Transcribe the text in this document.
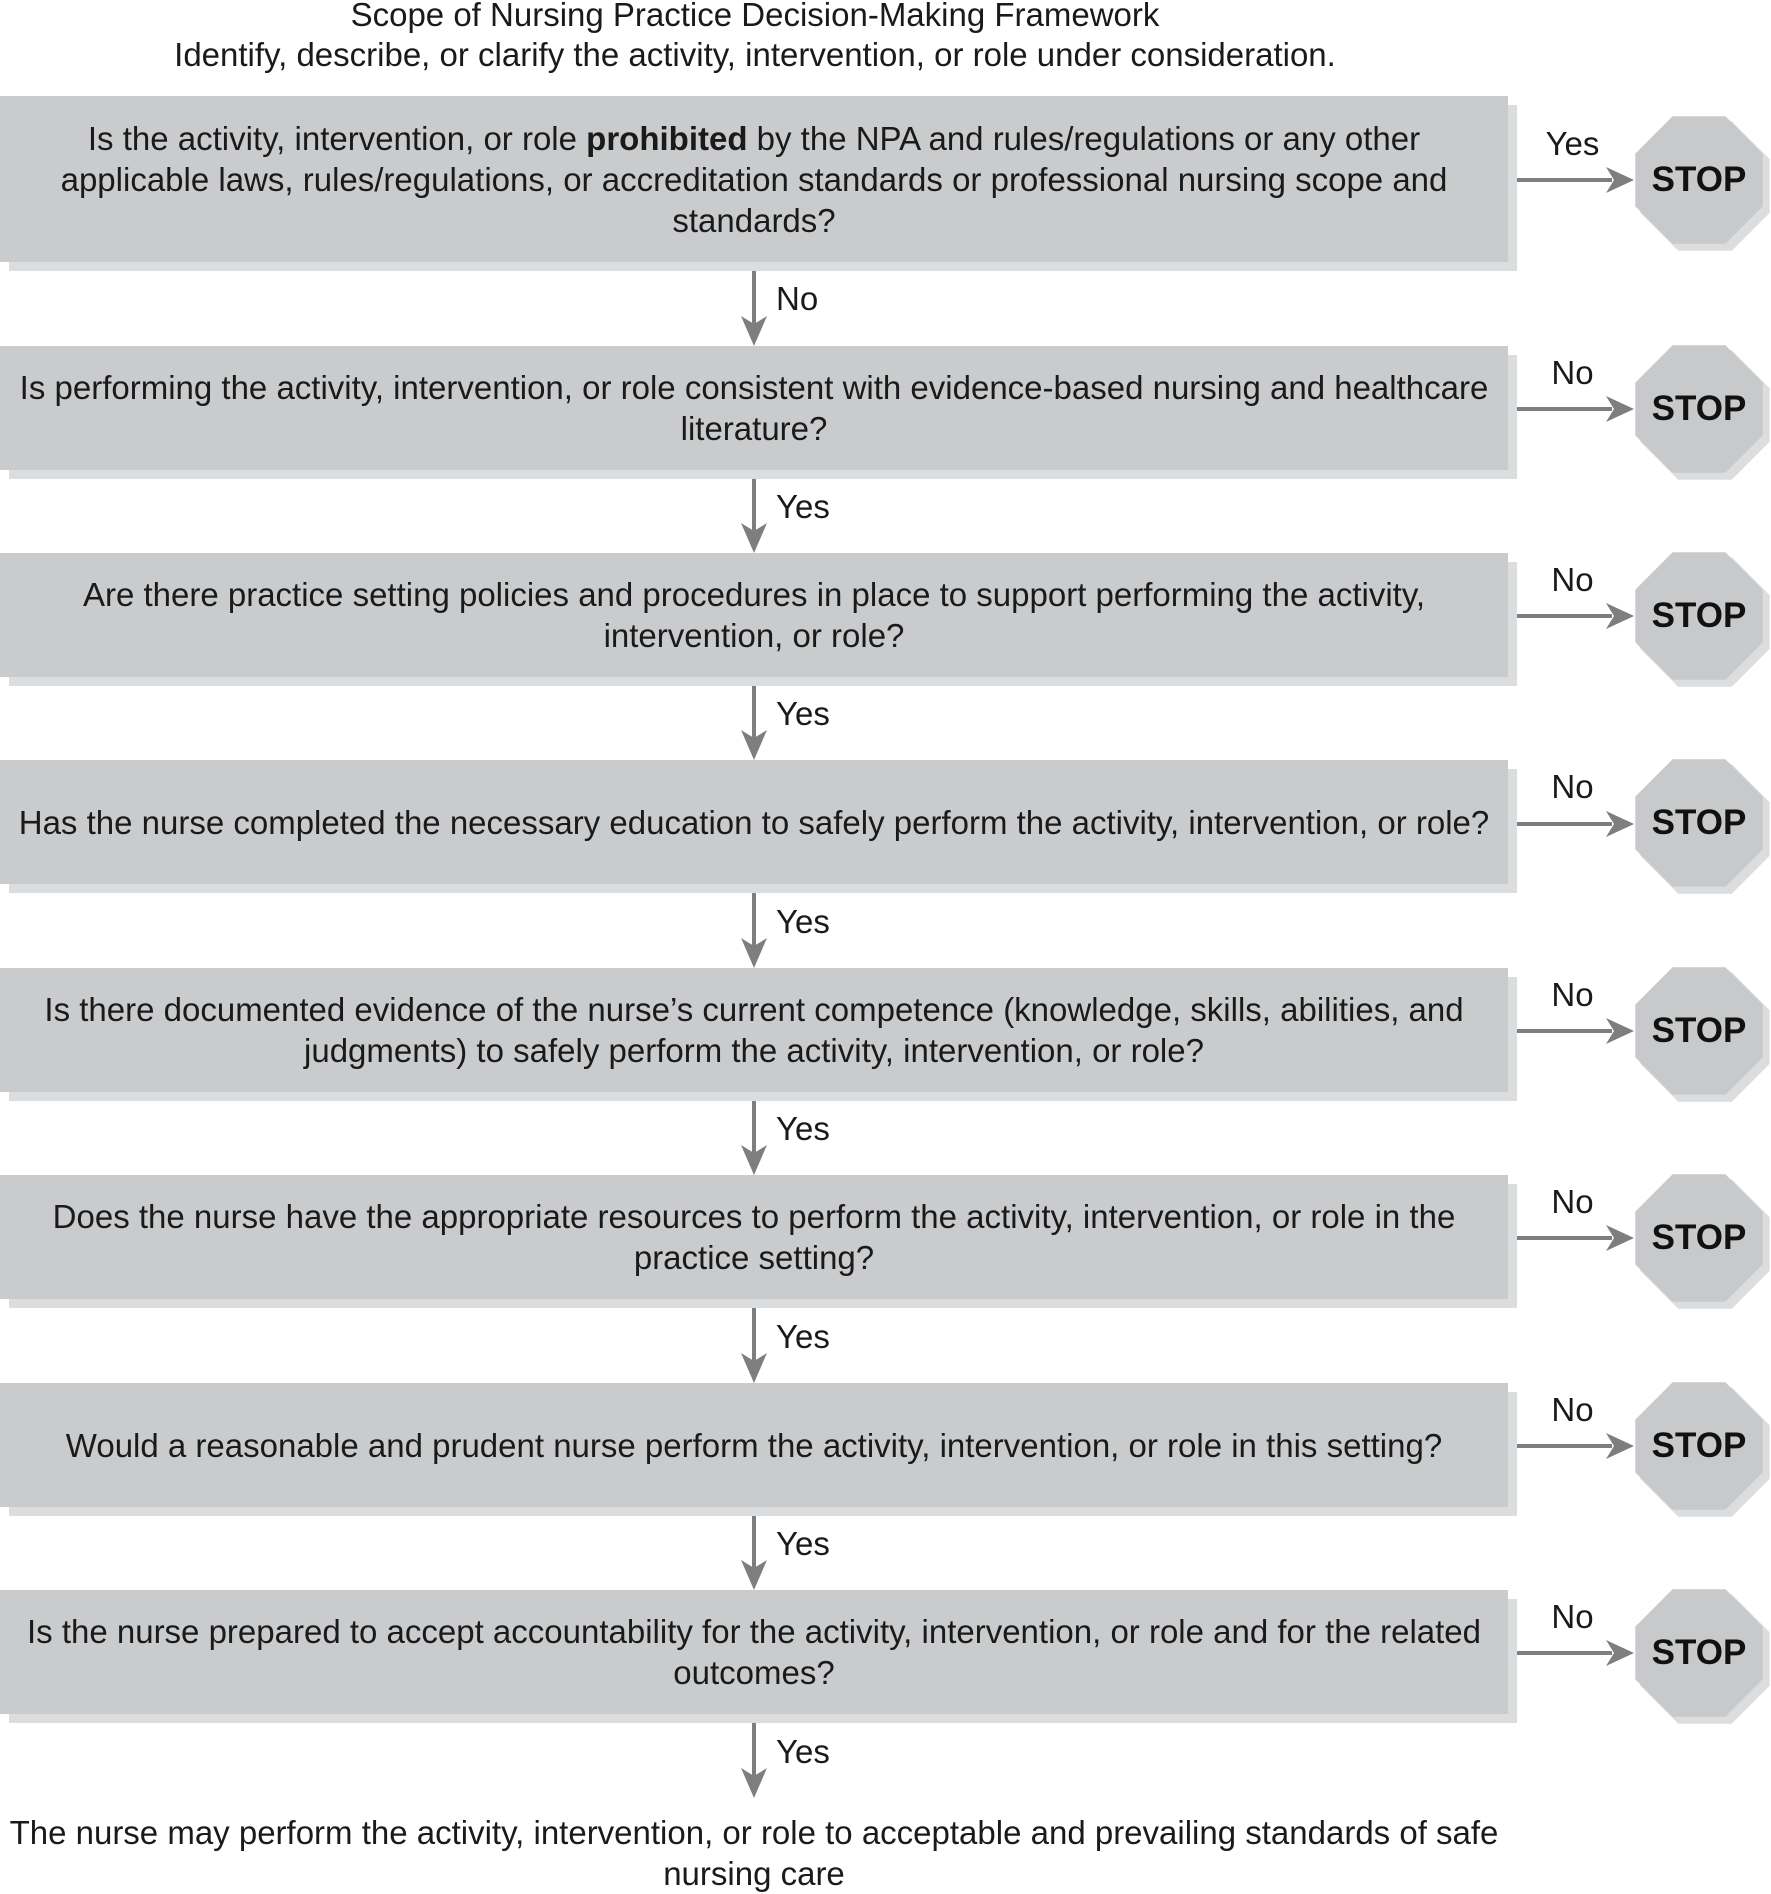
Scope of Nursing Practice Decision-Making Framework
Identify, describe, or clarify the activity, intervention, or role under consideration.
Is the activity, intervention, or role prohibited by the NPA and rules/regulations or any other applicable laws, rules/regulations, or accreditation standards or professional nursing scope and standards?
Is performing the activity, intervention, or role consistent with evidence-based nursing and healthcare literature?
Are there practice setting policies and procedures in place to support performing the activity, intervention, or role?
Has the nurse completed the necessary education to safely perform the activity, intervention, or role?
Is there documented evidence of the nurse’s current competence (knowledge, skills, abilities, and judgments) to safely perform the activity, intervention, or role?
Does the nurse have the appropriate resources to perform the activity, intervention, or role in the practice setting?
Would a reasonable and prudent nurse perform the activity, intervention, or role in this setting?
Is the nurse prepared to accept accountability for the activity, intervention, or role and for the related outcomes?
Yes
No
No
No
No
No
No
No
No
Yes
Yes
Yes
Yes
Yes
Yes
Yes
STOP
STOP
STOP
STOP
STOP
STOP
STOP
STOP
The nurse may perform the activity, intervention, or role to acceptable and prevailing standards of safe nursing care
